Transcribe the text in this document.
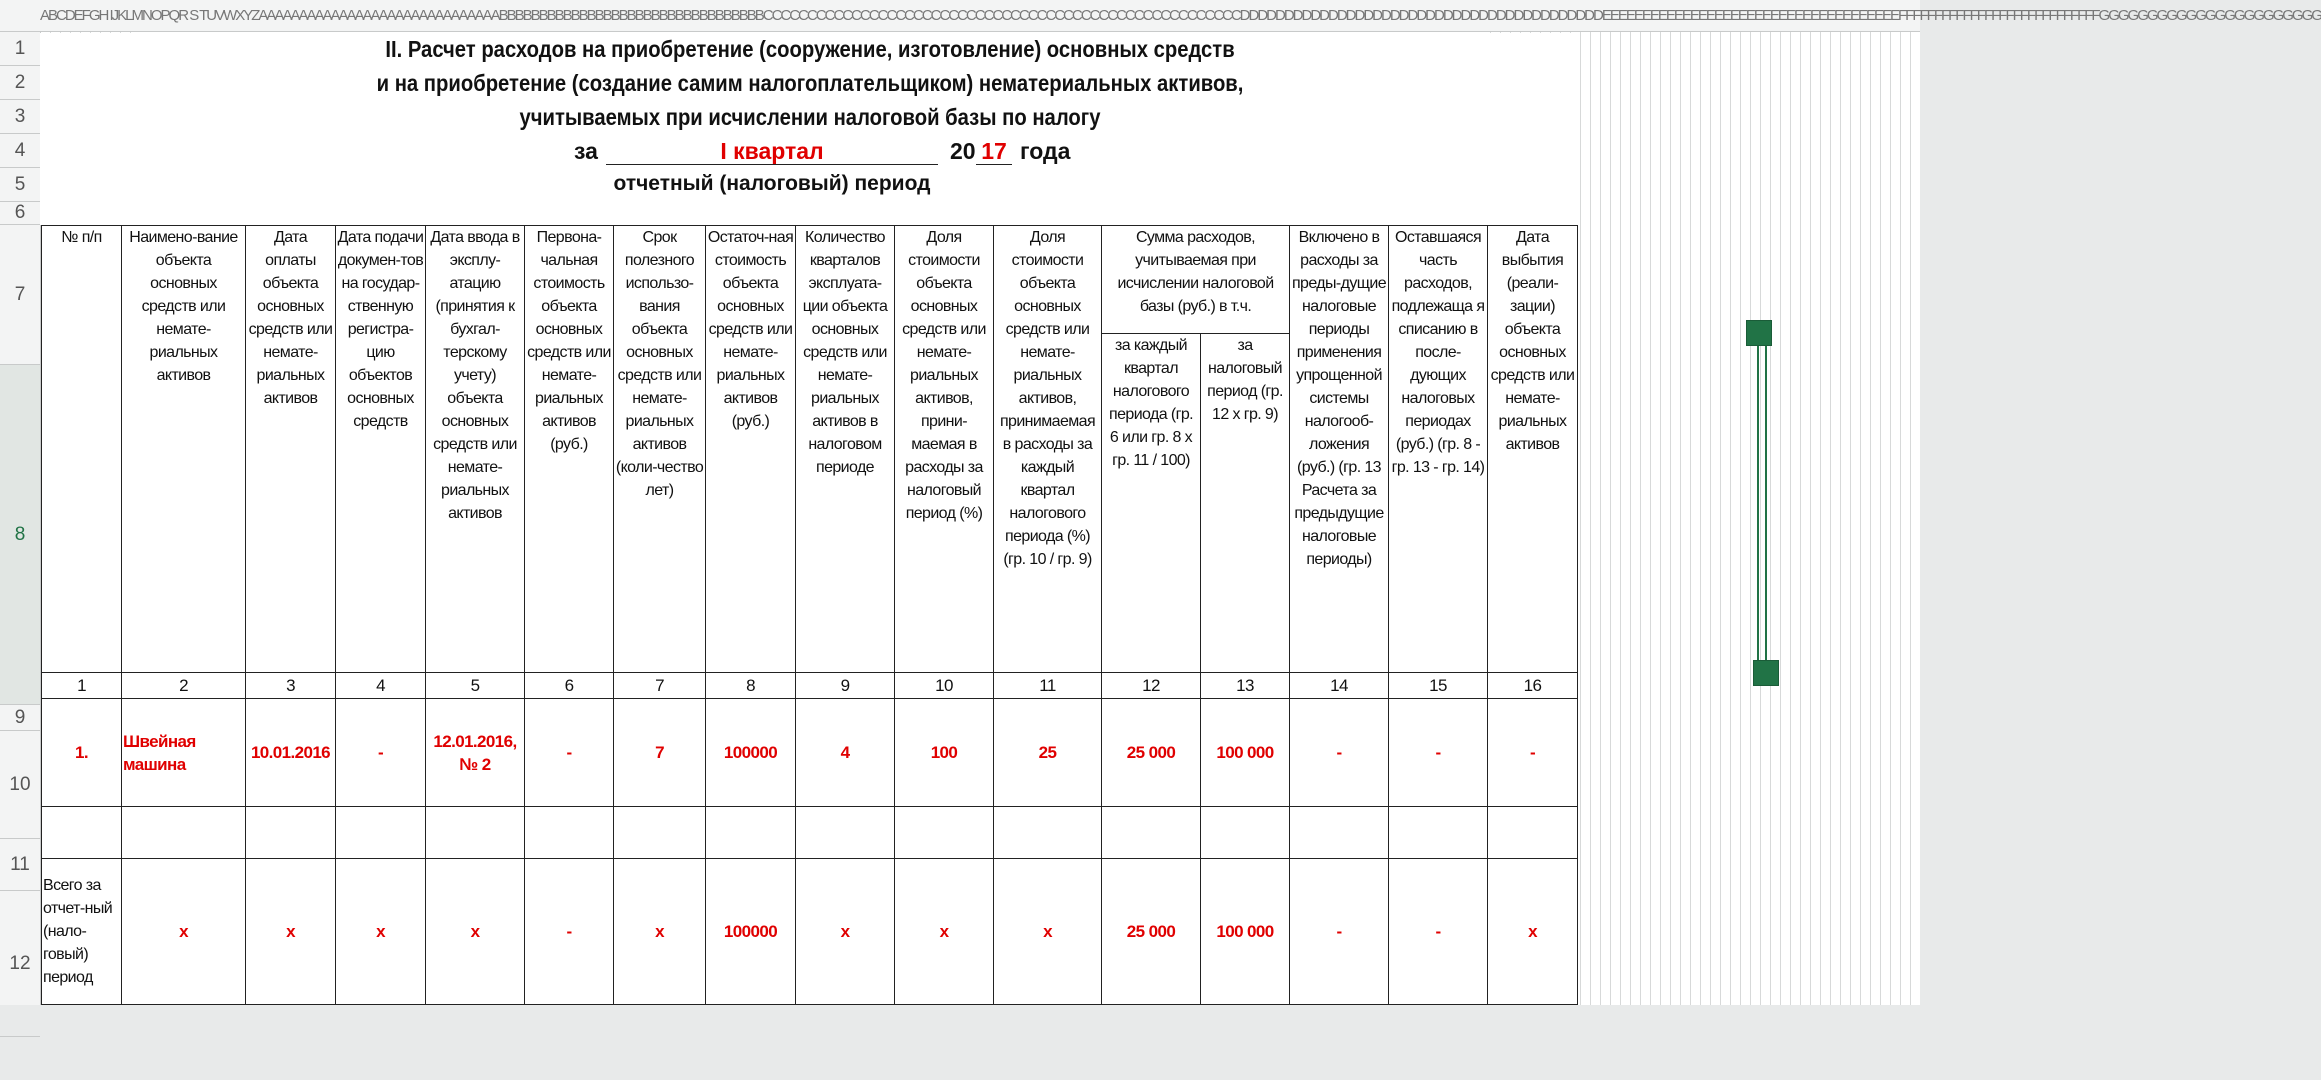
ABCDEFGH IJKLMNOPQR S TUVWXYZAAAAAAAAAAAAAAAAAAAAAAAAAAAAAABBBBBBBBBBBBBBBBBBBBBBBBBBBBBBBBBCCCCCCCCCCCCCCCCCCCCCCCCCCCCCCCCCCCCCCCCCCCCCCCCCCCCCCDDDDDDDDDDDDDDDDDDDDDDDDDDDDDDDDDDDDDDDDDEEEEEEEEEEEEEEEEEEEEEEEEEEEEEEEEEEEEEFFFFFFFFFFFFFFFFFFFFFFFFFFFFGGGGGGGGGGGGGGGGGGGGGGG
1
2
3
4
5
6
7
8
9
10
11
12
II. Расчет расходов на приобретение (сооружение, изготовление) основных средств
и на приобретение (создание самим налогоплательщиком) нематериальных активов,
учитываемых при исчислении налоговой базы по налогу
за	I квартал	20 17 года
отчетный (налоговый) период
№ п/п	Наимено-вание объекта основных средств или немате-риальных активов	Дата оплаты объекта основных средств или немате-риальных активов	Дата подачи докумен-тов на государ-ственную регистра-цию объектов основных средств	Дата ввода в эксплу-атацию (принятия к бухгал-терскому учету) объекта основных средств или немате-риальных активов	Первона-чальная стоимость объекта основных средств или немате-риальных активов (руб.)	Срок полезного использо-вания объекта основных средств или немате-риальных активов (коли-чество лет)	Остаточ-ная стоимость объекта основных средств или немате-риальных активов (руб.)	Количество кварталов эксплуата-ции объекта основных средств или немате-риальных активов в налоговом периоде	Доля стоимости объекта основных средств или немате-риальных активов, прини-маемая в расходы за налоговый период (%)	Доля стоимости объекта основных средств или немате-риальных активов, принимаемая в расходы за каждый квартал налогового периода (%) (гр. 10 / гр. 9)	Сумма расходов, учитываемая при исчислении налоговой базы (руб.) в т.ч.		Включено в расходы за преды-дущие налоговые периоды применения упрощенной системы налогооб-ложения (руб.) (гр. 13 Расчета за предыдущие налоговые периоды)	Оставшаяся часть расходов, подлежаща я списанию в после-дующих налоговых периодах (руб.) (гр. 8 - гр. 13 - гр. 14)	Дата выбытия (реали-зации) объекта основных средств или немате-риальных активов
											за каждый квартал налогового периода (гр. 6 или гр. 8 х гр. 11 / 100)	за налоговый период (гр. 12 х гр. 9)			
1	2	3	4	5	6	7	8	9	10	11	12	13	14	15	16
1.	Швейная машина	10.01.2016	-	12.01.2016, № 2	-	7	100000	4	100	25	25 000	100 000	-	-	-

Всего за отчет-ный (нало-говый) период	х	х	х	х	-	х	100000	х	х	х	25 000	100 000	-	-	х
